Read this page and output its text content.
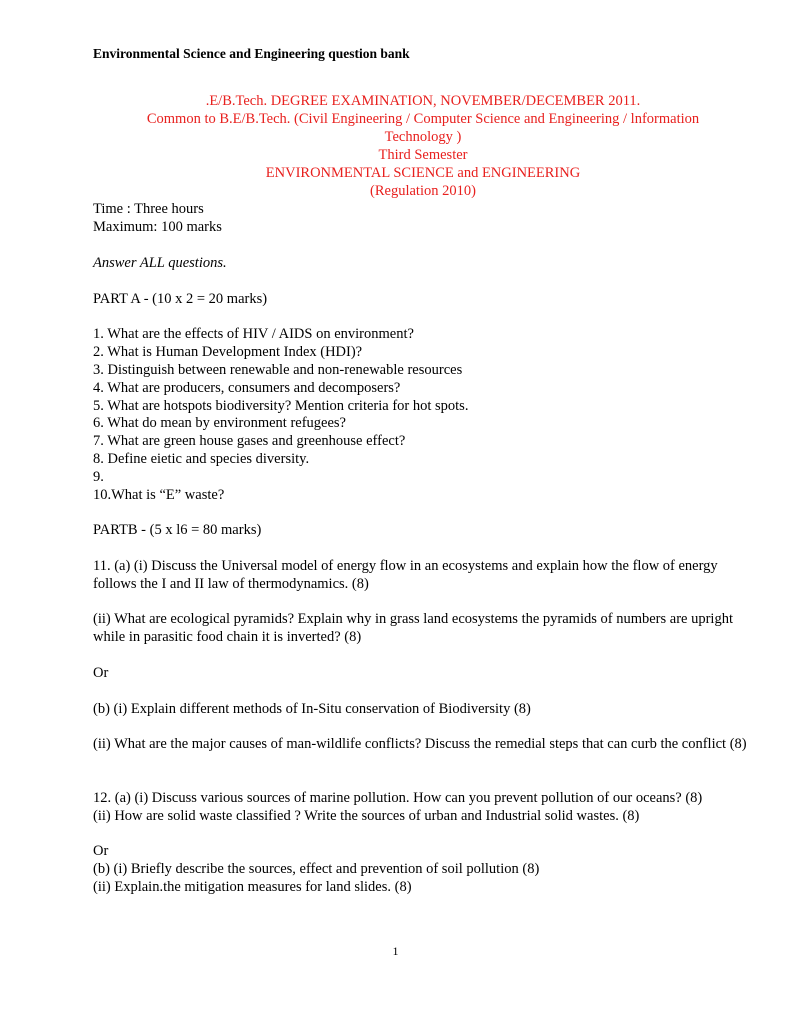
Environmental Science and Engineering question bank
.E/B.Tech. DEGREE EXAMINATION, NOVEMBER/DECEMBER 2011.
Common to B.E/B.Tech. (Civil Engineering / Computer Science and Engineering / lnformation
Technology )
Third Semester
ENVIRONMENTAL SCIENCE and ENGINEERING
(Regulation 2010)
Time : Three hours
Maximum: 100 marks
Answer ALL questions.
PART A - (10 x 2 = 20 marks)
1. What are the effects of HIV / AIDS on environment?
2. What is Human Development Index (HDI)?
3. Distinguish between renewable and non-renewable resources
4. What are producers, consumers and decomposers?
5. What are hotspots biodiversity? Mention criteria for hot spots.
6. What do mean by environment refugees?
7. What are green house gases and greenhouse effect?
8. Define eietic and species diversity.
9.
10.What is “E” waste?
PARTB - (5 x l6 = 80 marks)
11. (a) (i) Discuss the Universal model of energy flow in an ecosystems and explain how the flow of energy follows the I and II law of thermodynamics. (8)
(ii) What are ecological pyramids? Explain why in grass land ecosystems the pyramids of numbers are upright while in parasitic food chain it is inverted? (8)
Or
(b) (i) Explain different methods of In-Situ conservation of Biodiversity (8)
(ii) What are the major causes of man-wildlife conflicts? Discuss the remedial steps that can curb the conflict (8)
12. (a) (i) Discuss various sources of marine pollution. How can you prevent pollution of our oceans? (8)
(ii) How are solid waste classified ? Write the sources of urban and Industrial solid wastes. (8)
Or
(b) (i) Briefly describe the sources, effect and prevention of soil pollution (8)
(ii) Explain.the mitigation measures for land slides. (8)
1
